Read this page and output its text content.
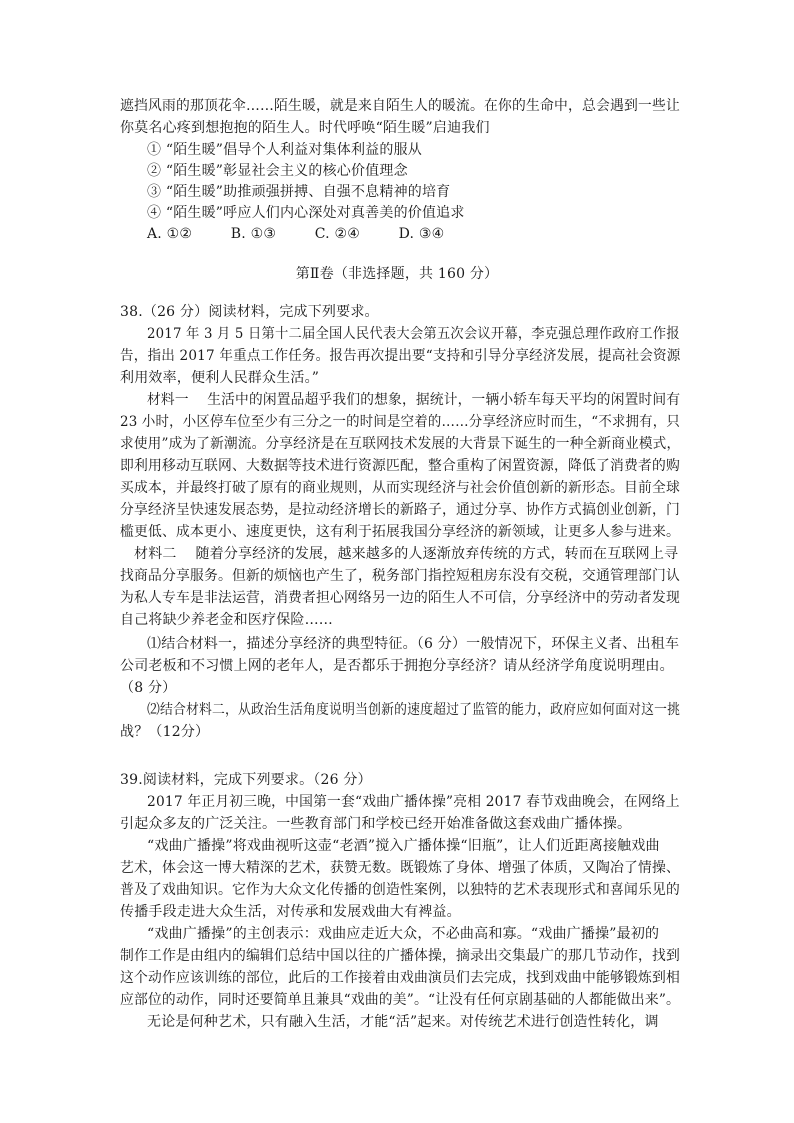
遮挡风雨的那顶花伞……陌生暖，就是来自陌生人的暖流。在你的生命中，总会遇到一些让
你莫名心疼到想抱抱的陌生人。时代呼唤“陌生暖”启迪我们
① “陌生暖”倡导个人利益对集体利益的服从
② “陌生暖”彰显社会主义的核心价值理念
③ “陌生暖”助推顽强拼搏、自强不息精神的培育
④ “陌生暖”呼应人们内心深处对真善美的价值追求
A. ①②	B. ①③	C. ②④	D. ③④
第Ⅱ卷（非选择题，共 160 分）
38.（26 分）阅读材料，完成下列要求。
2017 年 3 月 5 日第十二届全国人民代表大会第五次会议开幕，李克强总理作政府工作报
告，指出 2017 年重点工作任务。报告再次提出要“支持和引导分享经济发展，提高社会资源
利用效率，便利人民群众生活。”
材料一　 生活中的闲置品超乎我们的想象，据统计，一辆小轿车每天平均的闲置时间有
23 小时，小区停车位至少有三分之一的时间是空着的……分享经济应时而生，“不求拥有，只
求使用”成为了新潮流。分享经济是在互联网技术发展的大背景下诞生的一种全新商业模式，
即利用移动互联网、大数据等技术进行资源匹配，整合重构了闲置资源，降低了消费者的购
买成本，并最终打破了原有的商业规则，从而实现经济与社会价值创新的新形态。目前全球
分享经济呈快速发展态势，是拉动经济增长的新路子，通过分享、协作方式搞创业创新，门
槛更低、成本更小、速度更快，这有利于拓展我国分享经济的新领域，让更多人参与进来。
材料二　 随着分享经济的发展，越来越多的人逐渐放弃传统的方式，转而在互联网上寻
找商品分享服务。但新的烦恼也产生了，税务部门指控短租房东没有交税，交通管理部门认
为私人专车是非法运营，消费者担心网络另一边的陌生人不可信，分享经济中的劳动者发现
自己将缺少养老金和医疗保险……
⑴结合材料一，描述分享经济的典型特征。（6 分）一般情况下，环保主义者、出租车
公司老板和不习惯上网的老年人，是否都乐于拥抱分享经济？请从经济学角度说明理由。
（8 分）
⑵结合材料二，从政治生活角度说明当创新的速度超过了监管的能力，政府应如何面对这一挑
战？（12分）
39.阅读材料，完成下列要求。（26 分）
2017 年正月初三晚，中国第一套“戏曲广播体操”亮相 2017 春节戏曲晚会，在网络上
引起众多友的广泛关注。一些教育部门和学校已经开始准备做这套戏曲广播体操。
“戏曲广播操”将戏曲视听这壶“老酒”搅入广播体操“旧瓶”，让人们近距离接触戏曲
艺术，体会这一博大精深的艺术，获赞无数。既锻炼了身体、增强了体质，又陶冶了情操、
普及了戏曲知识。它作为大众文化传播的创造性案例，以独特的艺术表现形式和喜闻乐见的
传播手段走进大众生活，对传承和发展戏曲大有裨益。
“戏曲广播操”的主创表示：戏曲应走近大众，不必曲高和寡。“戏曲广播操”最初的
制作工作是由组内的编辑们总结中国以往的广播体操，摘录出交集最广的那几节动作，找到
这个动作应该训练的部位，此后的工作接着由戏曲演员们去完成，找到戏曲中能够锻炼到相
应部位的动作，同时还要简单且兼具“戏曲的美”。“让没有任何京剧基础的人都能做出来”。
无论是何种艺术，只有融入生活，才能“活”起来。对传统艺术进行创造性转化，调
